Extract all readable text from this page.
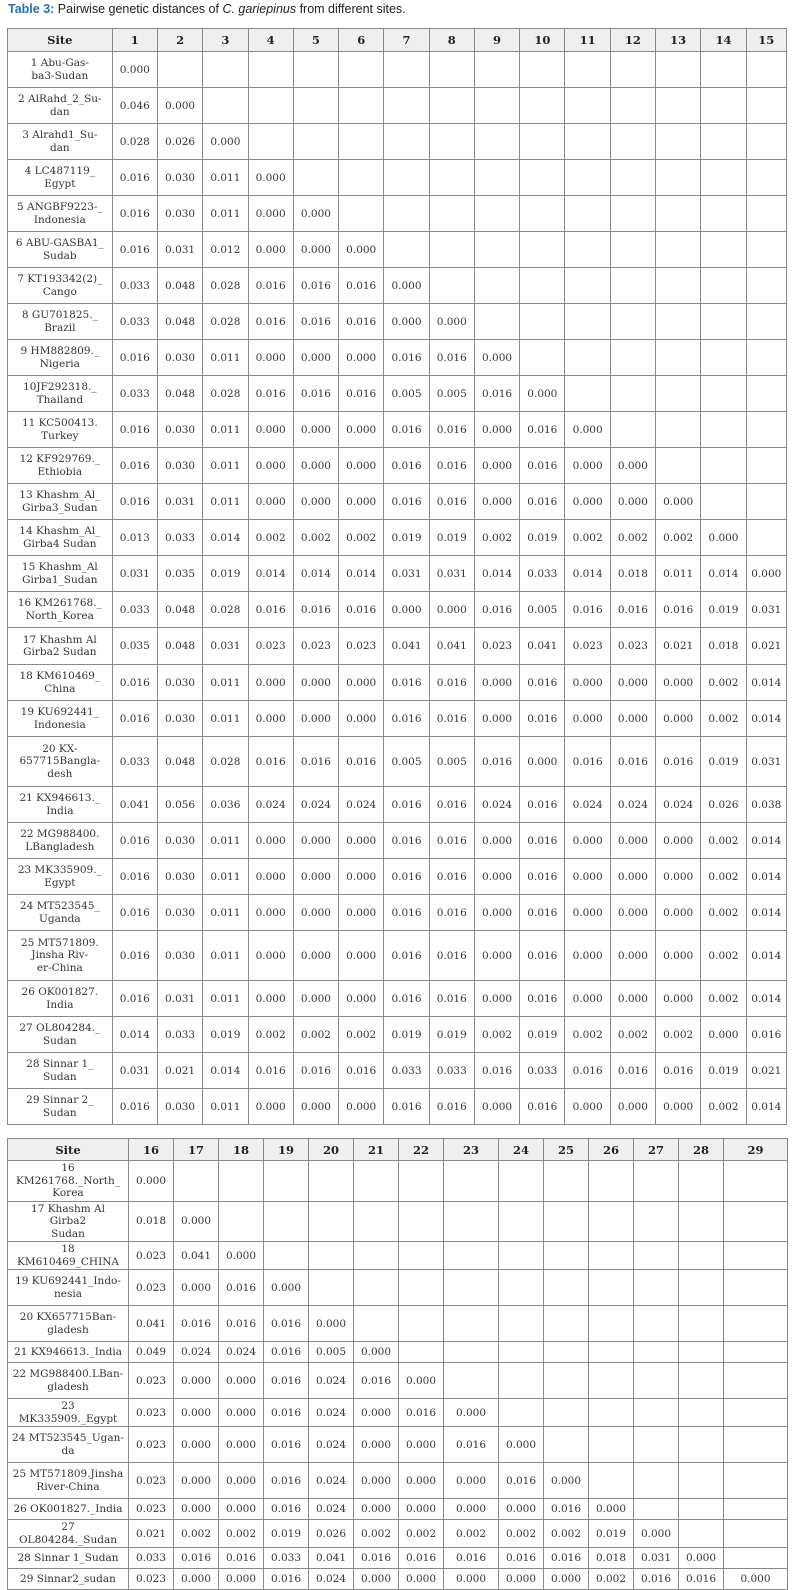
Table 3: Pairwise genetic distances of C. gariepinus from different sites.
Site	1	2	3	4	5	6	7	8	9	10	11	12	13	14	15
1 Abu-Gas-
ba3-Sudan	0.000														
2 AlRahd_2_Su-
dan	0.046	0.000													
3 Alrahd1_Su-
dan	0.028	0.026	0.000												
4 LC487119_
Egypt	0.016	0.030	0.011	0.000											
5 ANGBF9223-_
Indonesia	0.016	0.030	0.011	0.000	0.000										
6 ABU-GASBA1_
Sudab	0.016	0.031	0.012	0.000	0.000	0.000									
7 KT193342(2)_
Cango	0.033	0.048	0.028	0.016	0.016	0.016	0.000								
8 GU701825._
Brazil	0.033	0.048	0.028	0.016	0.016	0.016	0.000	0.000							
9 HM882809._
Nigeria	0.016	0.030	0.011	0.000	0.000	0.000	0.016	0.016	0.000						
10JF292318._
Thailand	0.033	0.048	0.028	0.016	0.016	0.016	0.005	0.005	0.016	0.000					
11 KC500413.
Turkey	0.016	0.030	0.011	0.000	0.000	0.000	0.016	0.016	0.000	0.016	0.000				
12 KF929769._
Ethiobia	0.016	0.030	0.011	0.000	0.000	0.000	0.016	0.016	0.000	0.016	0.000	0.000			
13 Khashm_Al_
Girba3_Sudan	0.016	0.031	0.011	0.000	0.000	0.000	0.016	0.016	0.000	0.016	0.000	0.000	0.000		
14 Khashm_Al_
Girba4 Sudan	0.013	0.033	0.014	0.002	0.002	0.002	0.019	0.019	0.002	0.019	0.002	0.002	0.002	0.000	
15 Khashm_Al
Girba1_Sudan	0.031	0.035	0.019	0.014	0.014	0.014	0.031	0.031	0.014	0.033	0.014	0.018	0.011	0.014	0.000
16 KM261768._
North_Korea	0.033	0.048	0.028	0.016	0.016	0.016	0.000	0.000	0.016	0.005	0.016	0.016	0.016	0.019	0.031
17 Khashm Al
Girba2 Sudan	0.035	0.048	0.031	0.023	0.023	0.023	0.041	0.041	0.023	0.041	0.023	0.023	0.021	0.018	0.021
18 KM610469_
China	0.016	0.030	0.011	0.000	0.000	0.000	0.016	0.016	0.000	0.016	0.000	0.000	0.000	0.002	0.014
19 KU692441_
Indonesia	0.016	0.030	0.011	0.000	0.000	0.000	0.016	0.016	0.000	0.016	0.000	0.000	0.000	0.002	0.014
20 KX-
657715Bangla-
desh	0.033	0.048	0.028	0.016	0.016	0.016	0.005	0.005	0.016	0.000	0.016	0.016	0.016	0.019	0.031
21 KX946613._
India	0.041	0.056	0.036	0.024	0.024	0.024	0.016	0.016	0.024	0.016	0.024	0.024	0.024	0.026	0.038
22 MG988400.
LBangladesh	0.016	0.030	0.011	0.000	0.000	0.000	0.016	0.016	0.000	0.016	0.000	0.000	0.000	0.002	0.014
23 MK335909._
Egypt	0.016	0.030	0.011	0.000	0.000	0.000	0.016	0.016	0.000	0.016	0.000	0.000	0.000	0.002	0.014
24 MT523545_
Uganda	0.016	0.030	0.011	0.000	0.000	0.000	0.016	0.016	0.000	0.016	0.000	0.000	0.000	0.002	0.014
25 MT571809.
Jinsha Riv-
er-China	0.016	0.030	0.011	0.000	0.000	0.000	0.016	0.016	0.000	0.016	0.000	0.000	0.000	0.002	0.014
26 OK001827.
India	0.016	0.031	0.011	0.000	0.000	0.000	0.016	0.016	0.000	0.016	0.000	0.000	0.000	0.002	0.014
27 OL804284._
Sudan	0.014	0.033	0.019	0.002	0.002	0.002	0.019	0.019	0.002	0.019	0.002	0.002	0.002	0.000	0.016
28 Sinnar 1_
Sudan	0.031	0.021	0.014	0.016	0.016	0.016	0.033	0.033	0.016	0.033	0.016	0.016	0.016	0.019	0.021
29 Sinnar 2_
Sudan	0.016	0.030	0.011	0.000	0.000	0.000	0.016	0.016	0.000	0.016	0.000	0.000	0.000	0.002	0.014
Site	16	17	18	19	20	21	22	23	24	25	26	27	28	29
16 KM261768._North_
Korea	0.000													
17 Khashm Al Girba2
Sudan	0.018	0.000												
18 KM610469_CHINA	0.023	0.041	0.000											
19 KU692441_Indo-
nesia	0.023	0.000	0.016	0.000										
20 KX657715Ban-
gladesh	0.041	0.016	0.016	0.016	0.000									
21 KX946613._India	0.049	0.024	0.024	0.016	0.005	0.000								
22 MG988400.LBan-
gladesh	0.023	0.000	0.000	0.016	0.024	0.016	0.000							
23 MK335909._Egypt	0.023	0.000	0.000	0.016	0.024	0.000	0.016	0.000						
24 MT523545_Ugan-
da	0.023	0.000	0.000	0.016	0.024	0.000	0.000	0.016	0.000					
25 MT571809.Jinsha
River-China	0.023	0.000	0.000	0.016	0.024	0.000	0.000	0.000	0.016	0.000				
26 OK001827._India	0.023	0.000	0.000	0.016	0.024	0.000	0.000	0.000	0.000	0.016	0.000			
27 OL804284._Sudan	0.021	0.002	0.002	0.019	0.026	0.002	0.002	0.002	0.002	0.002	0.019	0.000		
28 Sinnar 1_Sudan	0.033	0.016	0.016	0.033	0.041	0.016	0.016	0.016	0.016	0.016	0.018	0.031	0.000	
29 Sinnar2_sudan	0.023	0.000	0.000	0.016	0.024	0.000	0.000	0.000	0.000	0.000	0.002	0.016	0.016	0.000
